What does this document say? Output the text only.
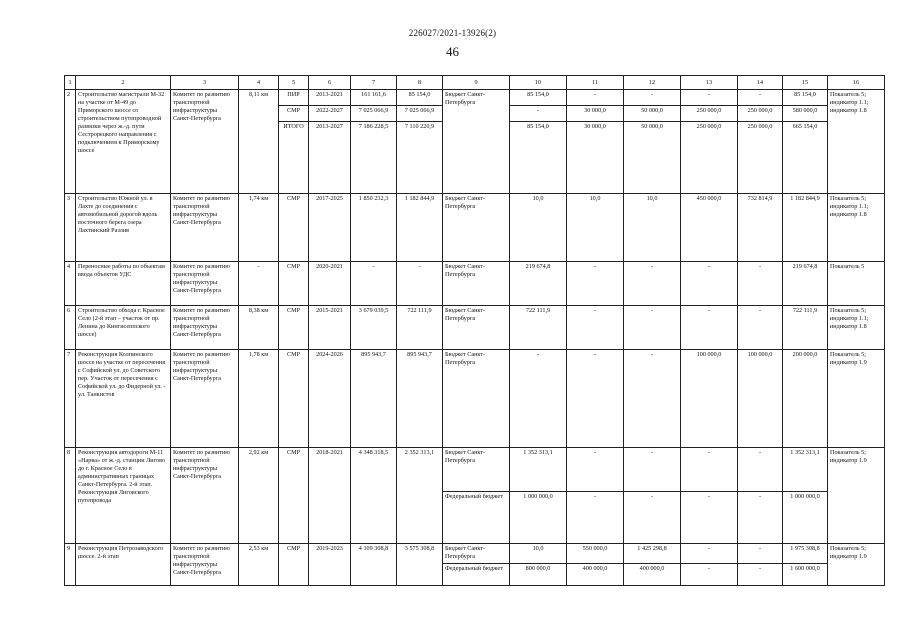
226027/2021-13926(2)
46
1	2	3	4	5	6	7	8	9	10	11	12	13	14	15	16
2	Строительство магистрали М-32 на участке от М-49 до Приморского шоссе со строительством путепроводной развязки через ж.-д. пути Сестрорецкого направления с подключением к Приморскому шоссе	Комитет по развитию транспортной инфраструктуры Санкт-Петербурга	8,11 км	ПИР	2013-2021	161 161,6	85 154,0	Бюджет Санкт-Петербурга	85 154,0	-	-	-	-	85 154,0	Показатель 5; индикатор 1.1; индикатор 1.8
				СМР	2022-2027	7 025 066,9	7 025 066,9		-	30 000,0	50 000,0	250 000,0	250 000,0	580 000,0	
				ИТОГО	2013-2027	7 186 228,5	7 110 220,9		85 154,0	30 000,0	50 000,0	250 000,0	250 000,0	665 154,0	
3	Строительство Южной ул. в Лахте до соединения с автомобильной дорогой вдоль восточного берега озера Лахтинский Разлив	Комитет по развитию транспортной инфраструктуры Санкт-Петербурга	1,74 км	СМР	2017-2025	1 850 232,3	1 182 844,9	Бюджет Санкт-Петербурга	10,0	10,0	10,0	450 000,0	732 814,9	1 182 844,9	Показатель 5; индикатор 1.1; индикатор 1.8
4	Переносные работы по объектам ввода объектов УДС	Комитет по развитию транспортной инфраструктуры Санкт-Петербурга	-	СМР	2020-2021	-	-	Бюджет Санкт-Петербурга	219 674,8	-	-	-	-	219 674,8	Показатель 5
6	Строительство обхода г. Красное Село (2-й этап – участок от пр. Ленина до Кингисеппского шоссе)	Комитет по развитию транспортной инфраструктуры Санкт-Петербурга	8,38 км	СМР	2015-2021	3 679 039,5	722 111,9	Бюджет Санкт-Петербурга	722 111,9	-	-	-	-	722 111,9	Показатель 5; индикатор 1.1; индикатор 1.8
7	Реконструкция Колпинского шоссе на участке от пересечения с Софийской ул. до Советского пер. Участок от пересечения с Софийской ул. до Фидерной ул. - ул. Танкистов	Комитет по развитию транспортной инфраструктуры Санкт-Петербурга	1,78 км	СМР	2024-2026	895 943,7	895 943,7	Бюджет Санкт-Петербурга	-	-	-	100 000,0	100 000,0	200 000,0	Показатель 5; индикатор 1.9
8	Реконструкция автодороги М-11 «Нарва» от ж.-д. станции Лигово до г. Красное Село в административных границах Санкт-Петербурга. 2-й этап. Реконструкция Лиговского путепровода	Комитет по развитию транспортной инфраструктуры Санкт-Петербурга	2,92 км	СМР	2018-2021	4 348 318,5	2 352 313,1	Бюджет Санкт-Петербурга	1 352 313,1	-	-	-	-	1 352 313,1	Показатель 5; индикатор 1.9
								Федеральный бюджет	1 000 000,0	-	-	-	-	1 000 000,0	
9	Реконструкция Петрозаводского шоссе. 2-й этап	Комитет по развитию транспортной инфраструктуры Санкт-Петербурга	2,53 км	СМР	2019-2023	4 109 308,8	3 575 308,8	Бюджет Санкт-Петербурга	10,0	550 000,0	1 425 298,8	-	-	1 975 308,8	Показатель 5; индикатор 1.9
								Федеральный бюджет	800 000,0	400 000,0	400 000,0	-	-	1 600 000,0	
